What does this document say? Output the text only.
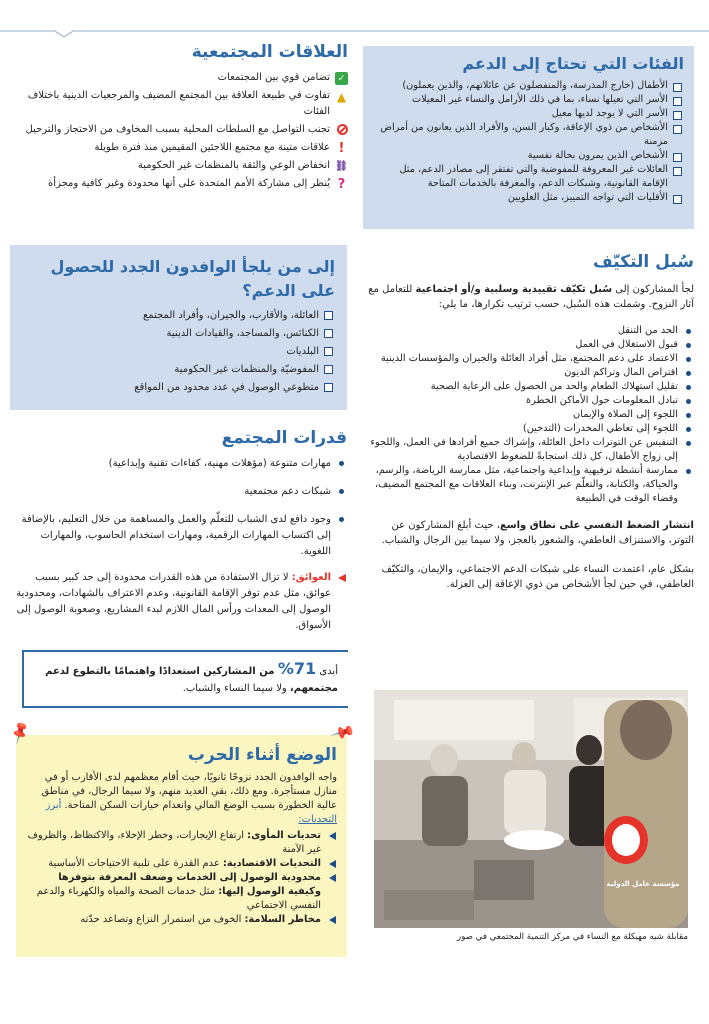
العلاقات المجتمعية
✓
تضامن قوي بين المجتمعات
▲
تفاوت في طبيعة العلاقة بين المجتمع المضيف والمرجعيات الدينية باختلاف الفئات
تجنب التواصل مع السلطات المحلية بسبب المخاوف من الاحتجاز والترحيل
!
علاقات متينة مع مجتمع اللاجئين المقيمين منذ فترة طويلة
⛓
انخفاض الوعي والثقة بالمنظمات غير الحكومية
?
يُنظر إلى مشاركة الأمم المتحدة على أنها محدودة وغير كافية ومجزأة
الفئات التي تحتاج إلى الدعم
الأطفال (خارج المدرسة، والمنفصلون عن عائلاتهم، والذين يعملون)
الأسر التي تعيلها نساء، بما في ذلك الأرامل والنساء غير المعيلات
الأسر التي لا يوجد لديها معيل
الأشخاص من ذوي الإعاقة، وكبار السن، والأفراد الذين يعانون من أمراض مزمنة
الأشخاص الذين يمرون بحالة نفسية
العائلات غير المعروفة للمفوضية والتي تفتقر إلى مصادر الدعم، مثل الإقامة القانونية، وشبكات الدعم، والمعرفة بالخدمات المتاحة
الأقليات التي تواجه التمييز، مثل العلويين
إلى من يلجأ الوافدون الجدد للحصول على الدعم؟
العائلة، والأقارب، والجيران، وأفراد المجتمع
الكنائس، والمساجد، والقيادات الدينية
البلديات
المفوضيّة والمنظمات غير الحكومية
متطوعي الوصول في عدد محدود من المواقع
سُبل التكيّف

لجأ المشاركون إلى سُبل تكيّف تقييدية وسلبية و/أو اجتماعية للتعامل مع آثار النزوح. وشملت هذه السُبل، حسب ترتيب تكرارها، ما يلي:

الحد من التنقل
قبول الاستغلال في العمل
الاعتماد على دعم المجتمع، مثل أفراد العائلة والجيران والمؤسسات الدينية
اقتراض المال وتراكم الديون
تقليل استهلاك الطعام والحد من الحصول على الرعاية الصحية
تبادل المعلومات حول الأماكن الخطرة
اللجوء إلى الصلاة والإيمان
اللجوء إلى تعاطي المخدرات (التدخين)
التنفيس عن التوترات داخل العائلة، وإشراك جميع أفرادها في العمل، واللجوء إلى زواج الأطفال، كل ذلك استجابةً للضغوط الاقتصادية
ممارسة أنشطة ترفيهية وإبداعية واجتماعية، مثل ممارسة الرياضة، والرسم، والحياكة، والكتابة، والتعلّم عبر الإنترنت، وبناء العلاقات مع المجتمع المضيف، وقضاء الوقت في الطبيعة

انتشار الضغط النفسي على نطاق واسع، حيث أبلغ المشاركون عن التوتر، والاستنزاف العاطفي، والشعور بالعجز، ولا سيما بين الرجال والشباب.

بشكل عام، اعتمدت النساء على شبكات الدعم الاجتماعي، والإيمان، والتكيّف العاطفي، في حين لجأ الأشخاص من ذوي الإعاقة إلى العزلة.

قدرات المجتمع
مهارات متنوعة (مؤهلات مهنية، كفاءات تقنية وإبداعية)
شبكات دعم مجتمعية
وجود دافع لدى الشباب للتعلّم والعمل والمساهمة من خلال التعليم، بالإضافة إلى اكتساب المهارات الرقمية، ومهارات استخدام الحاسوب، والمهارات اللغوية.
العوائق: لا تزال الاستفادة من هذه القدرات محدودة إلى حد كبير بسبب عوائق، مثل عدم توفر الإقامة القانونية، وعدم الاعتراف بالشهادات، ومحدودية الوصول إلى المعدات ورأس المال اللازم لبدء المشاريع، وصعوبة الوصول إلى الأسواق.
أبدى 71% من المشاركين استعدادًا واهتمامًا بالتطوع لدعم مجتمعهم، ولا سيما النساء والشباب.
📌	📌
الوضع أثناء الحرب

واجه الوافدون الجدد نزوحًا ثانويًا، حيث أقام معظمهم لدى الأقارب أو في منازل مستأجرة. ومع ذلك، بقي العديد منهم، ولا سيما الرجال، في مناطق عالية الخطورة بسبب الوضع المالي وانعدام خيارات السكن المتاحة. أبرز التحديات:

تحديات المأوى: ارتفاع الإيجارات، وخطر الإخلاء، والاكتظاظ، والظروف غير الآمنة
التحديات الاقتصادية: عدم القدرة على تلبية الاحتياجات الأساسية
محدودية الوصول إلى الخدمات وضعف المعرفة بتوفرها وكيفية الوصول إليها: مثل خدمات الصحة والمياه والكهرباء والدعم النفسي الاجتماعي
مخاطر السلامة: الخوف من استمرار النزاع وتصاعد حدّته
مؤسسة عامل الدولية
مقابلة شبه مهيكلة مع النساء في مركز التنمية المجتمعي في صور
